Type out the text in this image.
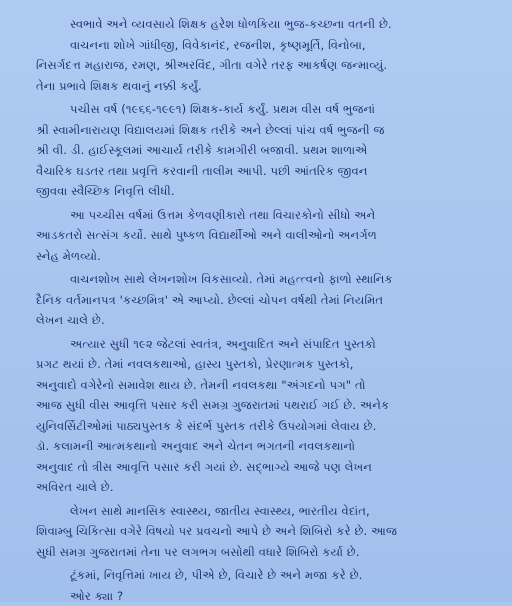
સ્વભાવે અને વ્યવસાયે શિક્ષક હરેશ ધોળકિયા ભુજ-કચ્છના વતની છે.
વાચનના શોખે ગાંધીજી, વિવેકાનંદ, રજનીશ, કૃષ્ણમૂર્તિ, વિનોબા,
નિસર્ગદત્ત મહારાજ, રમણ, શ્રીઅરવિંદ, ગીતા વગેરે તરફ આકર્ષણ જન્માવ્યું.
તેના પ્રભાવે શિક્ષક થવાનું નક્કી કર્યું.

પચીસ વર્ષ (૧૯૬૬-૧૯૯૧) શિક્ષક-કાર્ય કર્યું. પ્રથમ વીસ વર્ષ ભુજનાં
શ્રી સ્વામીનારાયણ વિદ્યાલયમાં શિક્ષક તરીકે અને છેલ્લાં પાંચ વર્ષ ભુજની જ
શ્રી વી. ડી. હાઈસ્કૂલમાં આચાર્ય તરીકે કામગીરી બજાવી. પ્રથમ શાળાએ
વૈચારિક ઘડતર તથા પ્રવૃત્તિ કરવાની તાલીમ આપી. પછી આંતરિક જીવન
જીવવા સ્વૈચ્છિક નિવૃત્તિ લીધી.

આ પચ્ચીસ વર્ષમાં ઉત્તમ કેળવણીકારો તથા વિચારકોનો સીધો અને
આડકતરો સત્સંગ કર્યો. સાથે પુષ્કળ વિદ્યાર્થીઓ અને વાલીઓનો અનર્ગળ
સ્નેહ મેળવ્યો.

વાચનશોખ સાથે લેખનશોખ વિકસાવ્યો. તેમાં મહત્ત્વનો ફાળો સ્થાનિક
દૈનિક વર્તમાનપત્ર 'કચ્છમિત્ર' એ આપ્યો. છેલ્લાં ચોપન વર્ષથી તેમાં નિયમિત
લેખન ચાલે છે.

અત્યાર સુધી ૧૯૨ જેટલાં સ્વતંત્ર, અનુવાદિત અને સંપાદિત પુસ્તકો
પ્રગટ થયાં છે. તેમાં નવલકથાઓ, હાસ્ય પુસ્તકો, પ્રેરણાત્મક પુસ્તકો,
અનુવાદો વગેરેનો સમાવેશ થાય છે. તેમની નવલકથા "અંગદનો પગ" તો
આજ સુધી વીસ આવૃત્તિ પસાર કરી સમગ્ર ગુજરાતમાં પથરાઈ ગઈ છે. અનેક
યુનિવર્સિટીઓમાં પાઠ્યપુસ્તક કે સંદર્ભ પુસ્તક તરીકે ઉપયોગમાં લેવાય છે.
ડૉ. કલામની આત્મકથાનો અનુવાદ અને ચેતન ભગતની નવલકથાનો
અનુવાદ તો ત્રીસ આવૃત્તિ પસાર કરી ગયાં છે. સદ્‌ભાગ્યે આજે પણ લેખન
અવિરત ચાલે છે.

લેખન સાથે માનસિક સ્વાસ્થ્ય, જાતીય સ્વાસ્થ્ય, ભારતીય વેદાંત,
શિવામ્બુ ચિકિત્સા વગેરે વિષયો પર પ્રવચનો આપે છે અને શિબિરો કરે છે. આજ
સુધી સમગ્ર ગુજરાતમાં તેના પર લગભગ બસોથી વધારે શિબિરો કર્યા છે.

ટૂંકમાં, નિવૃત્તિમાં ખાય છે, પીએ છે, વિચારે છે અને મજા કરે છે.
ઓર ક્યા ?
